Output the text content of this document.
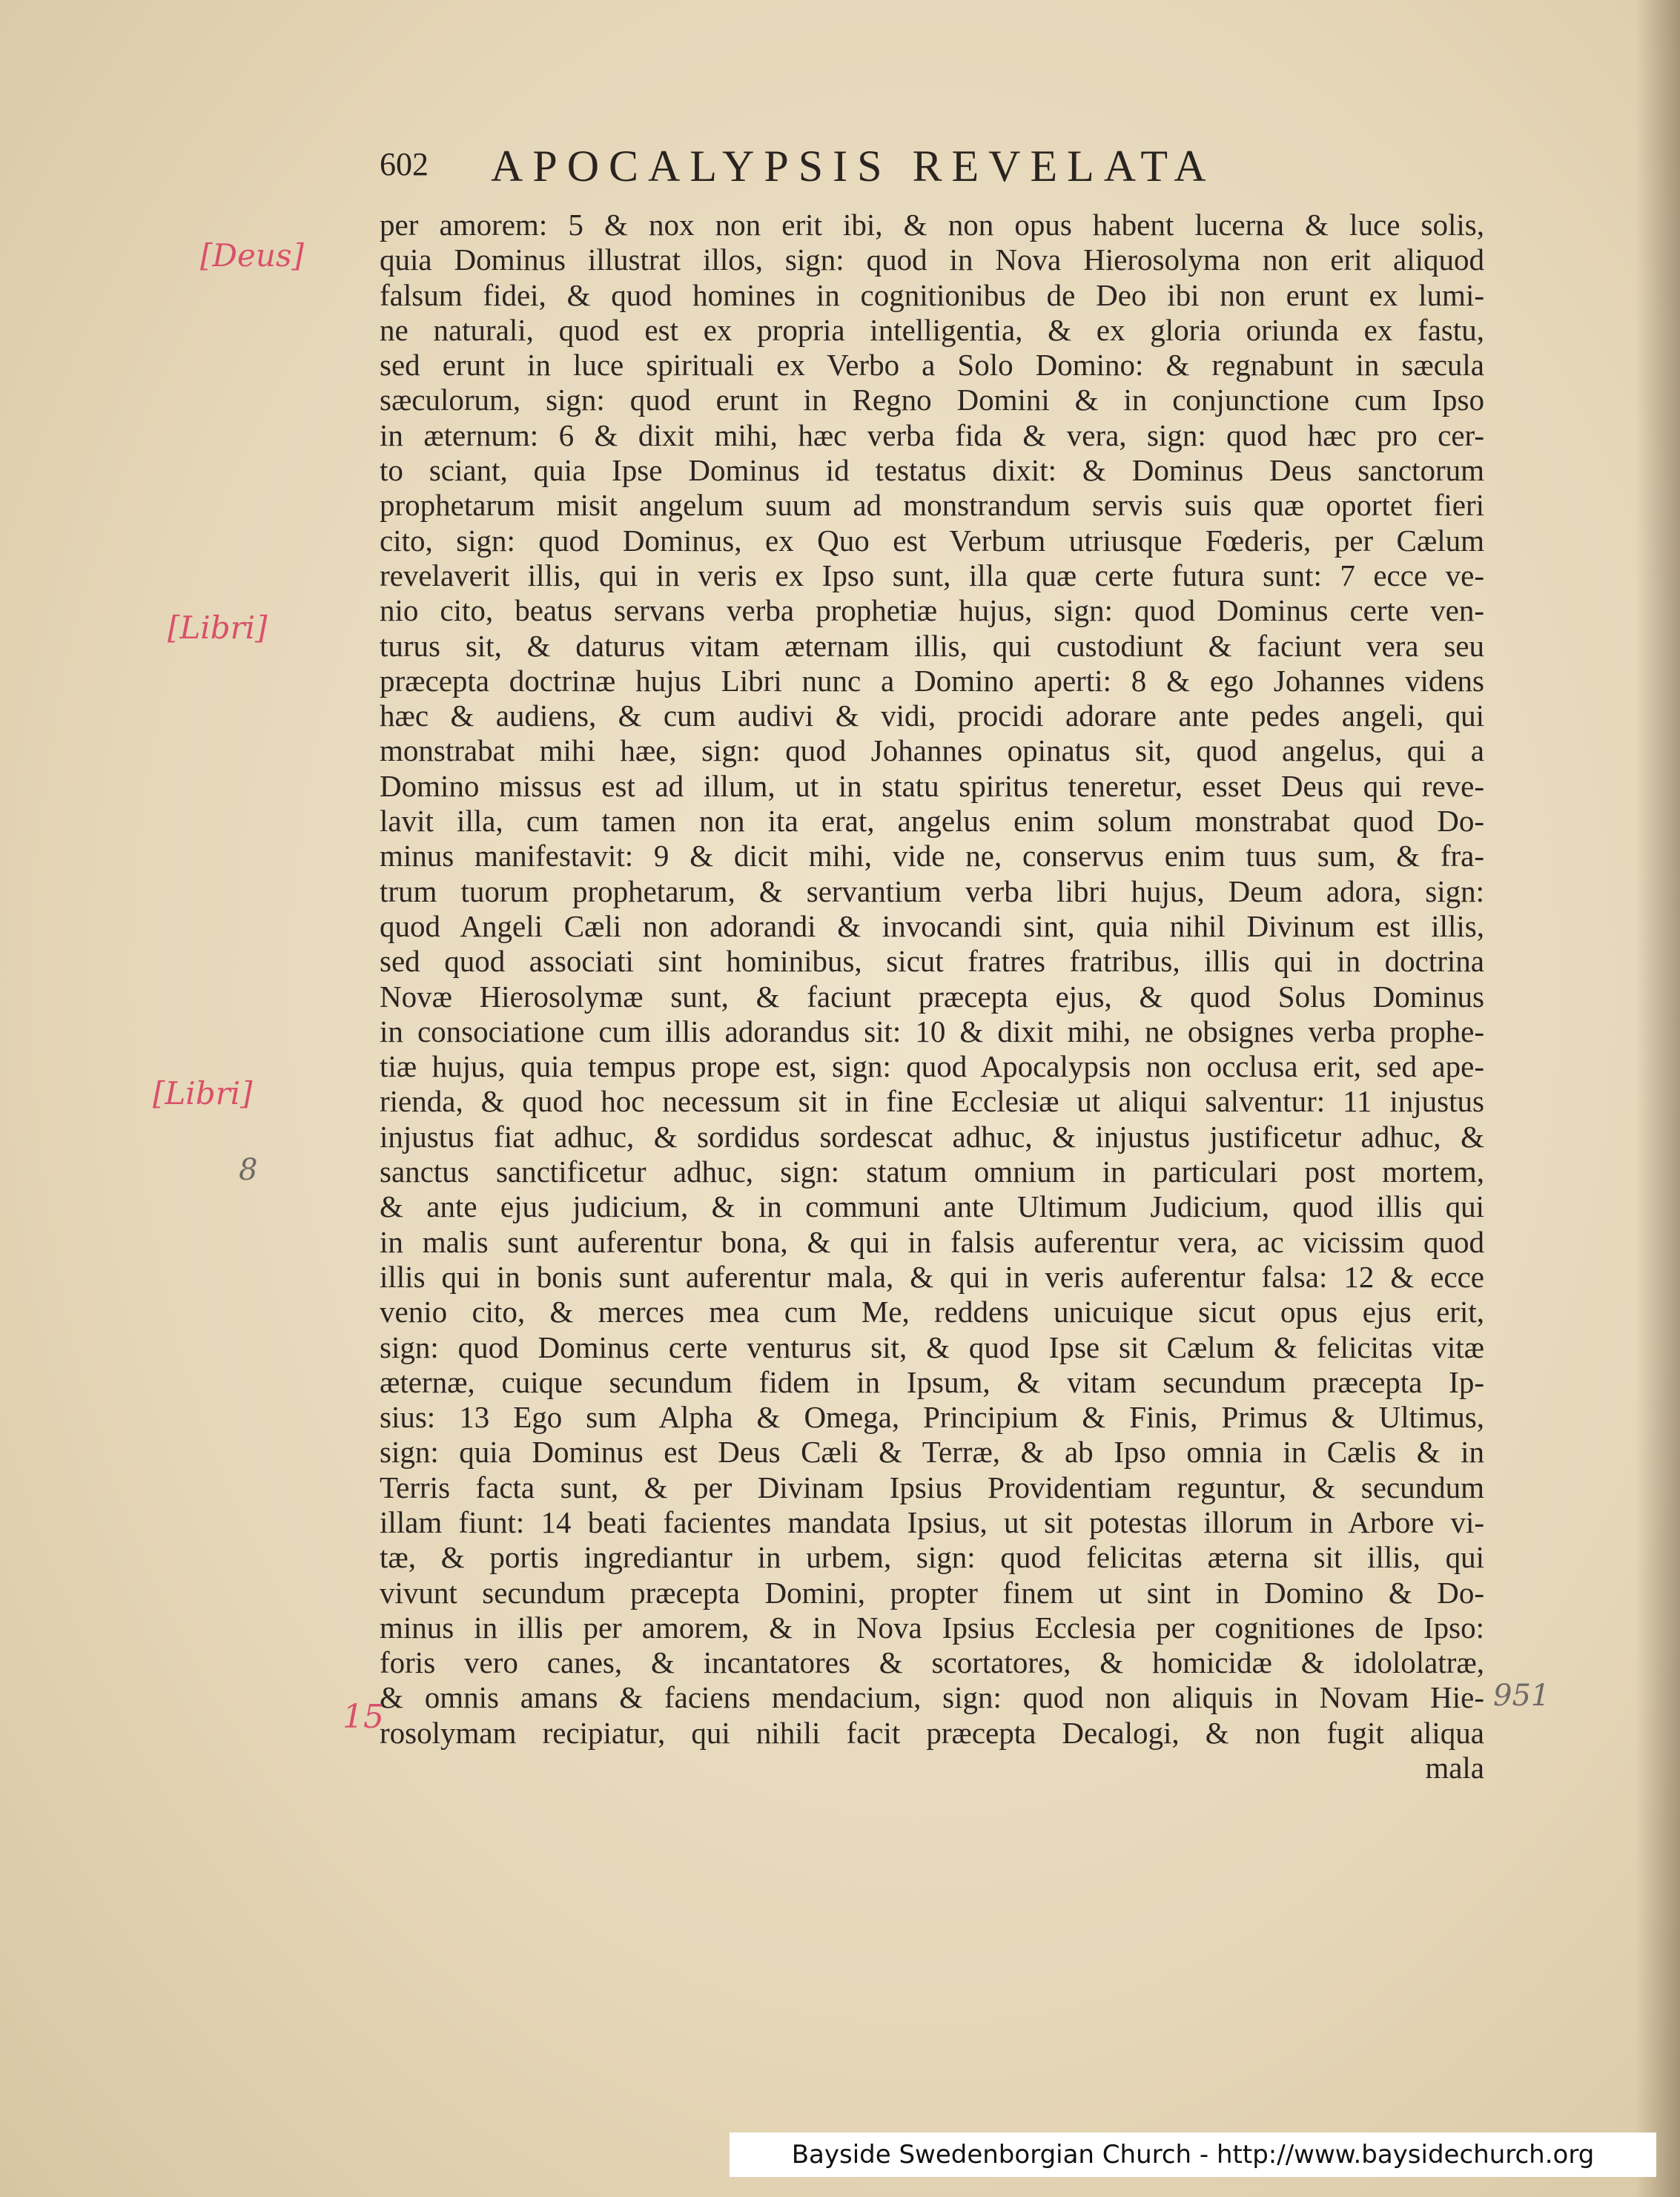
602 APOCALYPSIS REVELATA
per amorem: 5 & nox non erit ibi, & non opus habent lucerna & luce solis,
quia Dominus illustrat illos, sign: quod in Nova Hierosolyma non erit aliquod
falsum fidei, & quod homines in cognitionibus de Deo ibi non erunt ex lumi-
ne naturali, quod est ex propria intelligentia, & ex gloria oriunda ex fastu,
sed erunt in luce spirituali ex Verbo a Solo Domino: & regnabunt in sæcula
sæculorum, sign: quod erunt in Regno Domini & in conjunctione cum Ipso
in æternum: 6 & dixit mihi, hæc verba fida & vera, sign: quod hæc pro cer-
to sciant, quia Ipse Dominus id testatus dixit: & Dominus Deus sanctorum
prophetarum misit angelum suum ad monstrandum servis suis quæ oportet fieri
cito, sign: quod Dominus, ex Quo est Verbum utriusque Fœderis, per Cælum
revelaverit illis, qui in veris ex Ipso sunt, illa quæ certe futura sunt: 7 ecce ve-
nio cito, beatus servans verba prophetiæ hujus, sign: quod Dominus certe ven-
turus sit, & daturus vitam æternam illis, qui custodiunt & faciunt vera seu
præcepta doctrinæ hujus Libri nunc a Domino aperti: 8 & ego Johannes videns
hæc & audiens, & cum audivi & vidi, procidi adorare ante pedes angeli, qui
monstrabat mihi hæe, sign: quod Johannes opinatus sit, quod angelus, qui a
Domino missus est ad illum, ut in statu spiritus teneretur, esset Deus qui reve-
lavit illa, cum tamen non ita erat, angelus enim solum monstrabat quod Do-
minus manifestavit: 9 & dicit mihi, vide ne, conservus enim tuus sum, & fra-
trum tuorum prophetarum, & servantium verba libri hujus, Deum adora, sign:
quod Angeli Cæli non adorandi & invocandi sint, quia nihil Divinum est illis,
sed quod associati sint hominibus, sicut fratres fratribus, illis qui in doctrina
Novæ Hierosolymæ sunt, & faciunt præcepta ejus, & quod Solus Dominus
in consociatione cum illis adorandus sit: 10 & dixit mihi, ne obsignes verba prophe-
tiæ hujus, quia tempus prope est, sign: quod Apocalypsis non occlusa erit, sed ape-
rienda, & quod hoc necessum sit in fine Ecclesiæ ut aliqui salventur: 11 injustus
injustus fiat adhuc, & sordidus sordescat adhuc, & injustus justificetur adhuc, &
sanctus sanctificetur adhuc, sign: statum omnium in particulari post mortem,
& ante ejus judicium, & in communi ante Ultimum Judicium, quod illis qui
in malis sunt auferentur bona, & qui in falsis auferentur vera, ac vicissim quod
illis qui in bonis sunt auferentur mala, & qui in veris auferentur falsa: 12 & ecce
venio cito, & merces mea cum Me, reddens unicuique sicut opus ejus erit,
sign: quod Dominus certe venturus sit, & quod Ipse sit Cælum & felicitas vitæ
æternæ, cuique secundum fidem in Ipsum, & vitam secundum præcepta Ip-
sius: 13 Ego sum Alpha & Omega, Principium & Finis, Primus & Ultimus,
sign: quia Dominus est Deus Cæli & Terræ, & ab Ipso omnia in Cælis & in
Terris facta sunt, & per Divinam Ipsius Providentiam reguntur, & secundum
illam fiunt: 14 beati facientes mandata Ipsius, ut sit potestas illorum in Arbore vi-
tæ, & portis ingrediantur in urbem, sign: quod felicitas æterna sit illis, qui
vivunt secundum præcepta Domini, propter finem ut sint in Domino & Do-
minus in illis per amorem, & in Nova Ipsius Ecclesia per cognitiones de Ipso:
foris vero canes, & incantatores & scortatores, & homicidæ & idololatræ,
& omnis amans & faciens mendacium, sign: quod non aliquis in Novam Hie-
rosolymam recipiatur, qui nihili facit præcepta Decalogi, & non fugit aliqua
mala
[Deus]
[Libri]
[Libri]
8
15
951
Bayside Swedenborgian Church - http://www.baysidechurch.org
